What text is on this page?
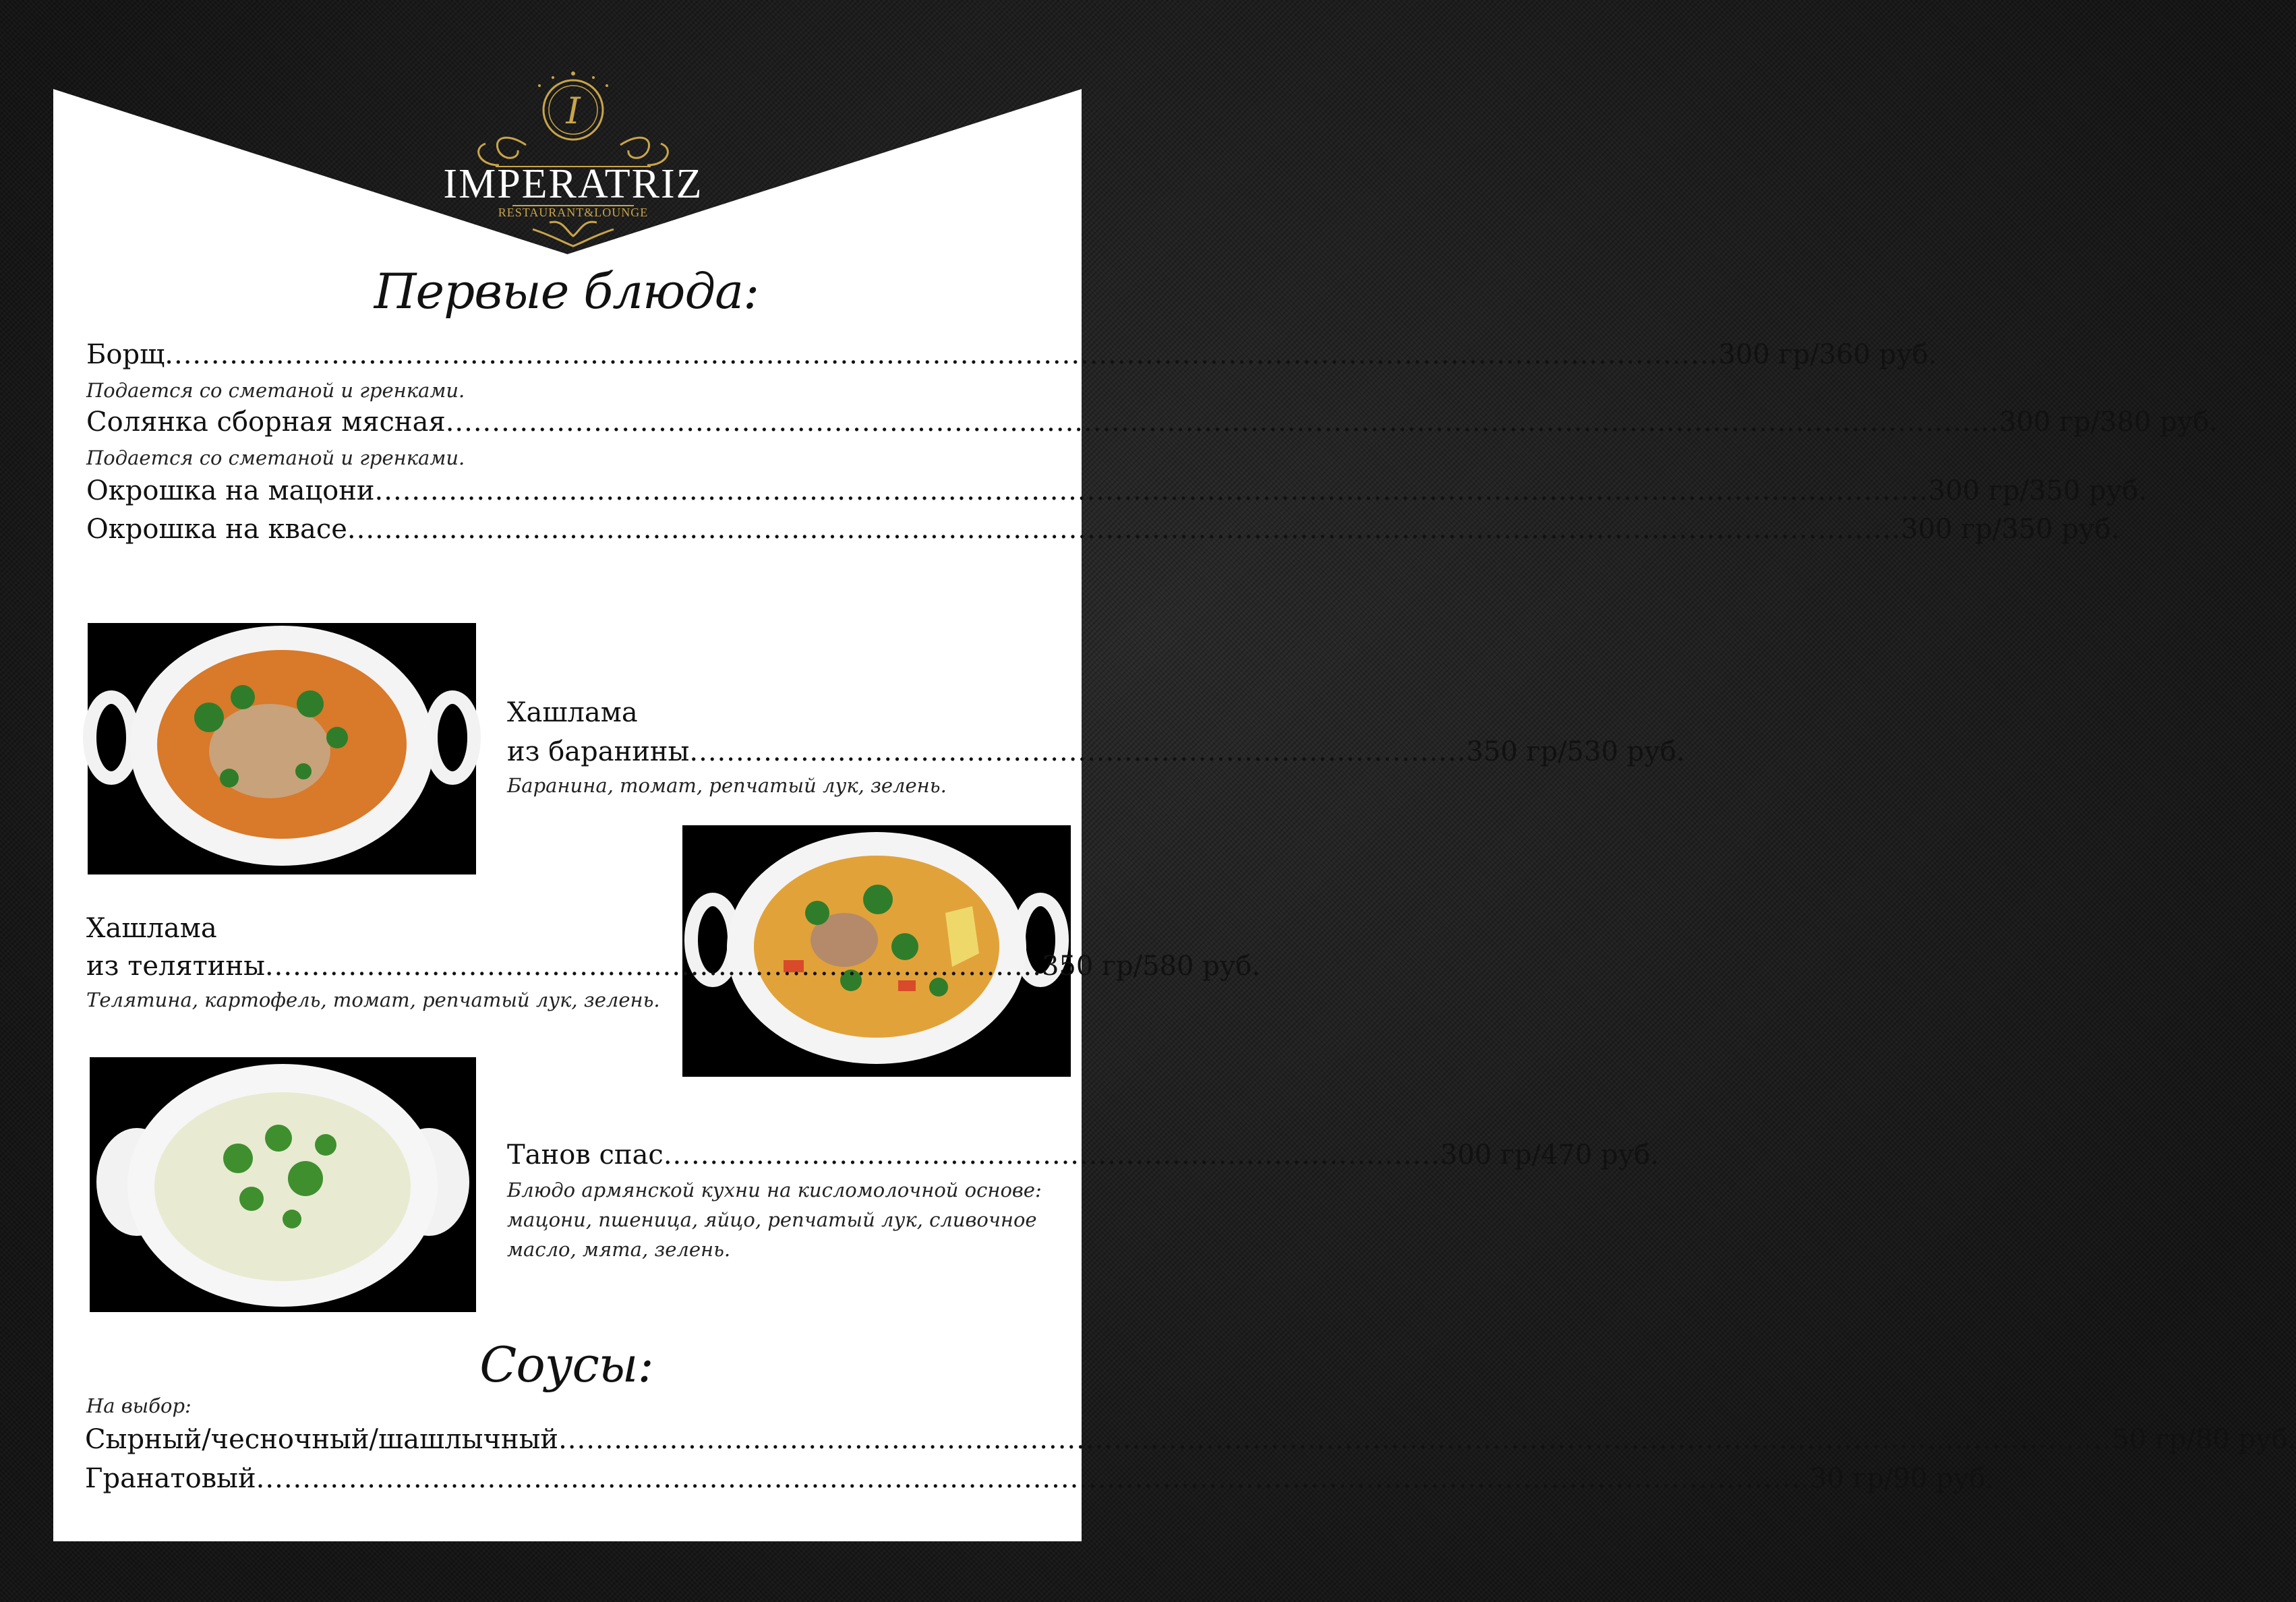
I
IMPERATRIZ
RESTAURANT&LOUNGE
Первые блюда:
Борщ ........................................................................................................................................................................ 300 гр/360 руб.
Подается со сметаной и гренками.
Солянка сборная мясная ........................................................................................................................................................................ 300 гр/380 руб.
Подается со сметаной и гренками.
Окрошка на мацони ........................................................................................................................................................................ 300 гр/350 руб.
Окрошка на квасе ........................................................................................................................................................................ 300 гр/350 руб.
Хашлама
из баранины .................................................................................... 350 гр/530 руб.
Баранина, томат, репчатый лук, зелень.
Хашлама
из телятины .................................................................................... 350 гр/580 руб.
Телятина, картофель, томат, репчатый лук, зелень.
Танов спас .................................................................................... 300 гр/470 руб.
Блюдо армянской кухни на кисломолочной основе:
мацони, пшеница, яйцо, репчатый лук, сливочное
масло, мята, зелень.
Соусы:
На выбор:
Сырный/чесночный/шашлычный ........................................................................................................................................................................ 50 гр/80 руб.
Гранатовый ........................................................................................................................................................................ 30 гр/90 руб.
